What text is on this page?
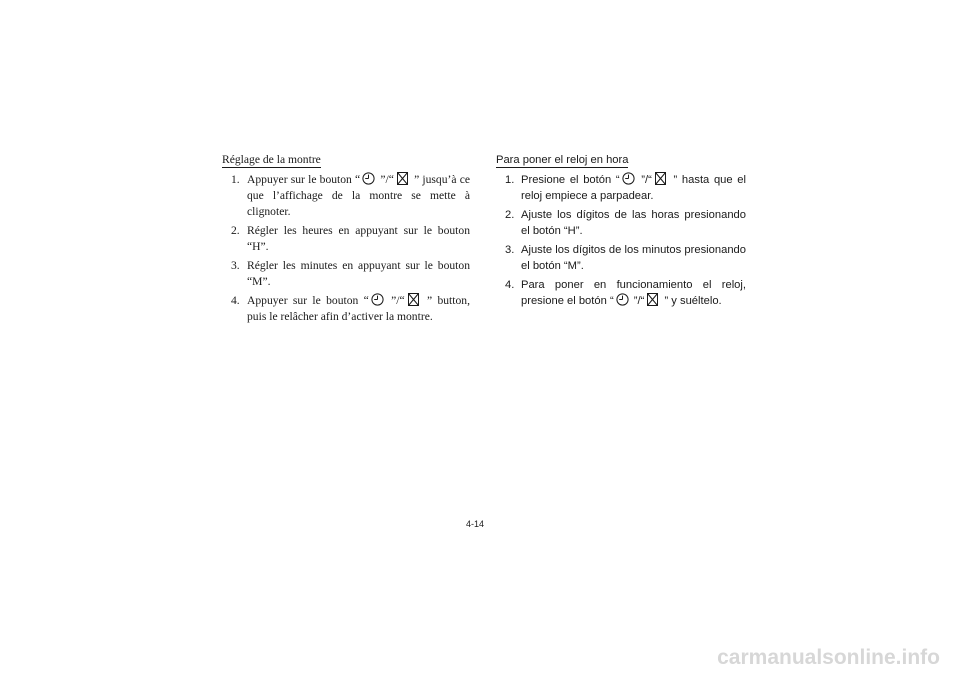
Réglage de la montre
1. Appuyer sur le bouton “
”/“
” jusqu’à ce que l’affichage de la montre se mette à clignoter.
2. Régler les heures en appuyant sur le bouton “H”.
3. Régler les minutes en appuyant sur le bouton “M”.
4. Appuyer sur le bouton “
”/“
” button, puis le relâcher afin d’activer la montre.
Para poner el reloj en hora
1. Presione el botón “
”/“
” hasta que el reloj empiece a parpadear.
2. Ajuste los dígitos de las horas presionando el botón “H”.
3. Ajuste los dígitos de los minutos presionando el botón “M”.
4. Para poner en funcionamiento el reloj, presione el botón “
”/“
” y suéltelo.
4-14
carmanualsonline.info
